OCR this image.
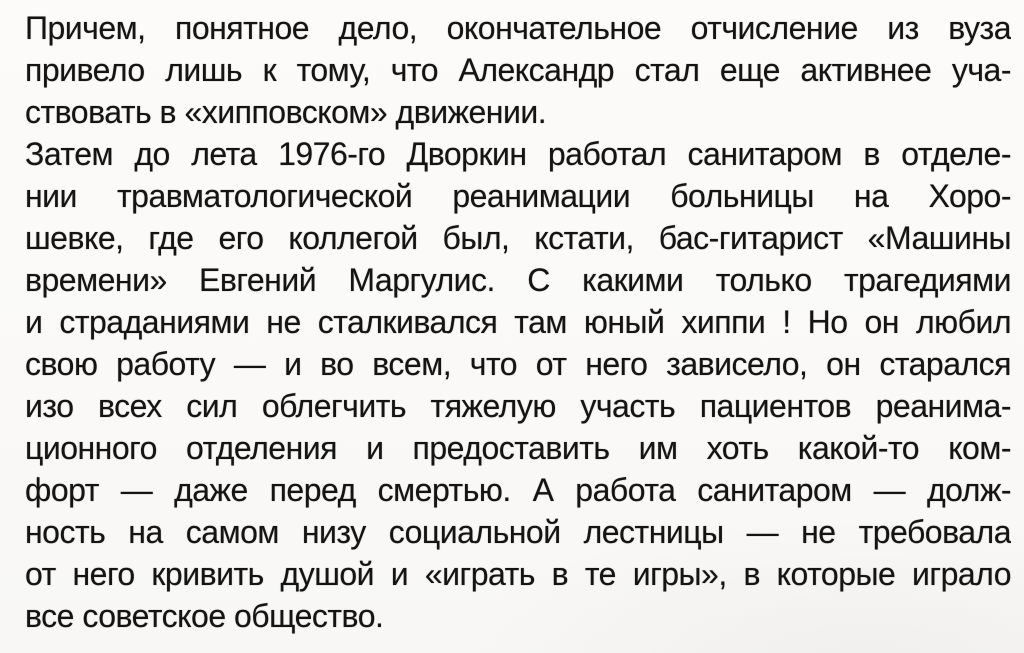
Причем, понятное дело, окончательное отчисление из вуза
привело лишь к тому, что Александр стал еще активнее уча-
ствовать в «хипповском» движении.
Затем до лета 1976-го Дворкин работал санитаром в отделе-
нии травматологической реанимации больницы на Хоро-
шевке, где его коллегой был, кстати, бас-гитарист «Машины
времени» Евгений Маргулис. С какими только трагедиями
и страданиями не сталкивался там юный хиппи ! Но он любил
свою работу — и во всем, что от него зависело, он старался
изо всех сил облегчить тяжелую участь пациентов реанима-
ционного отделения и предоставить им хоть какой-то ком-
форт — даже перед смертью. А работа санитаром — долж-
ность на самом низу социальной лестницы — не требовала
от него кривить душой и «играть в те игры», в которые играло
все советское общество.
